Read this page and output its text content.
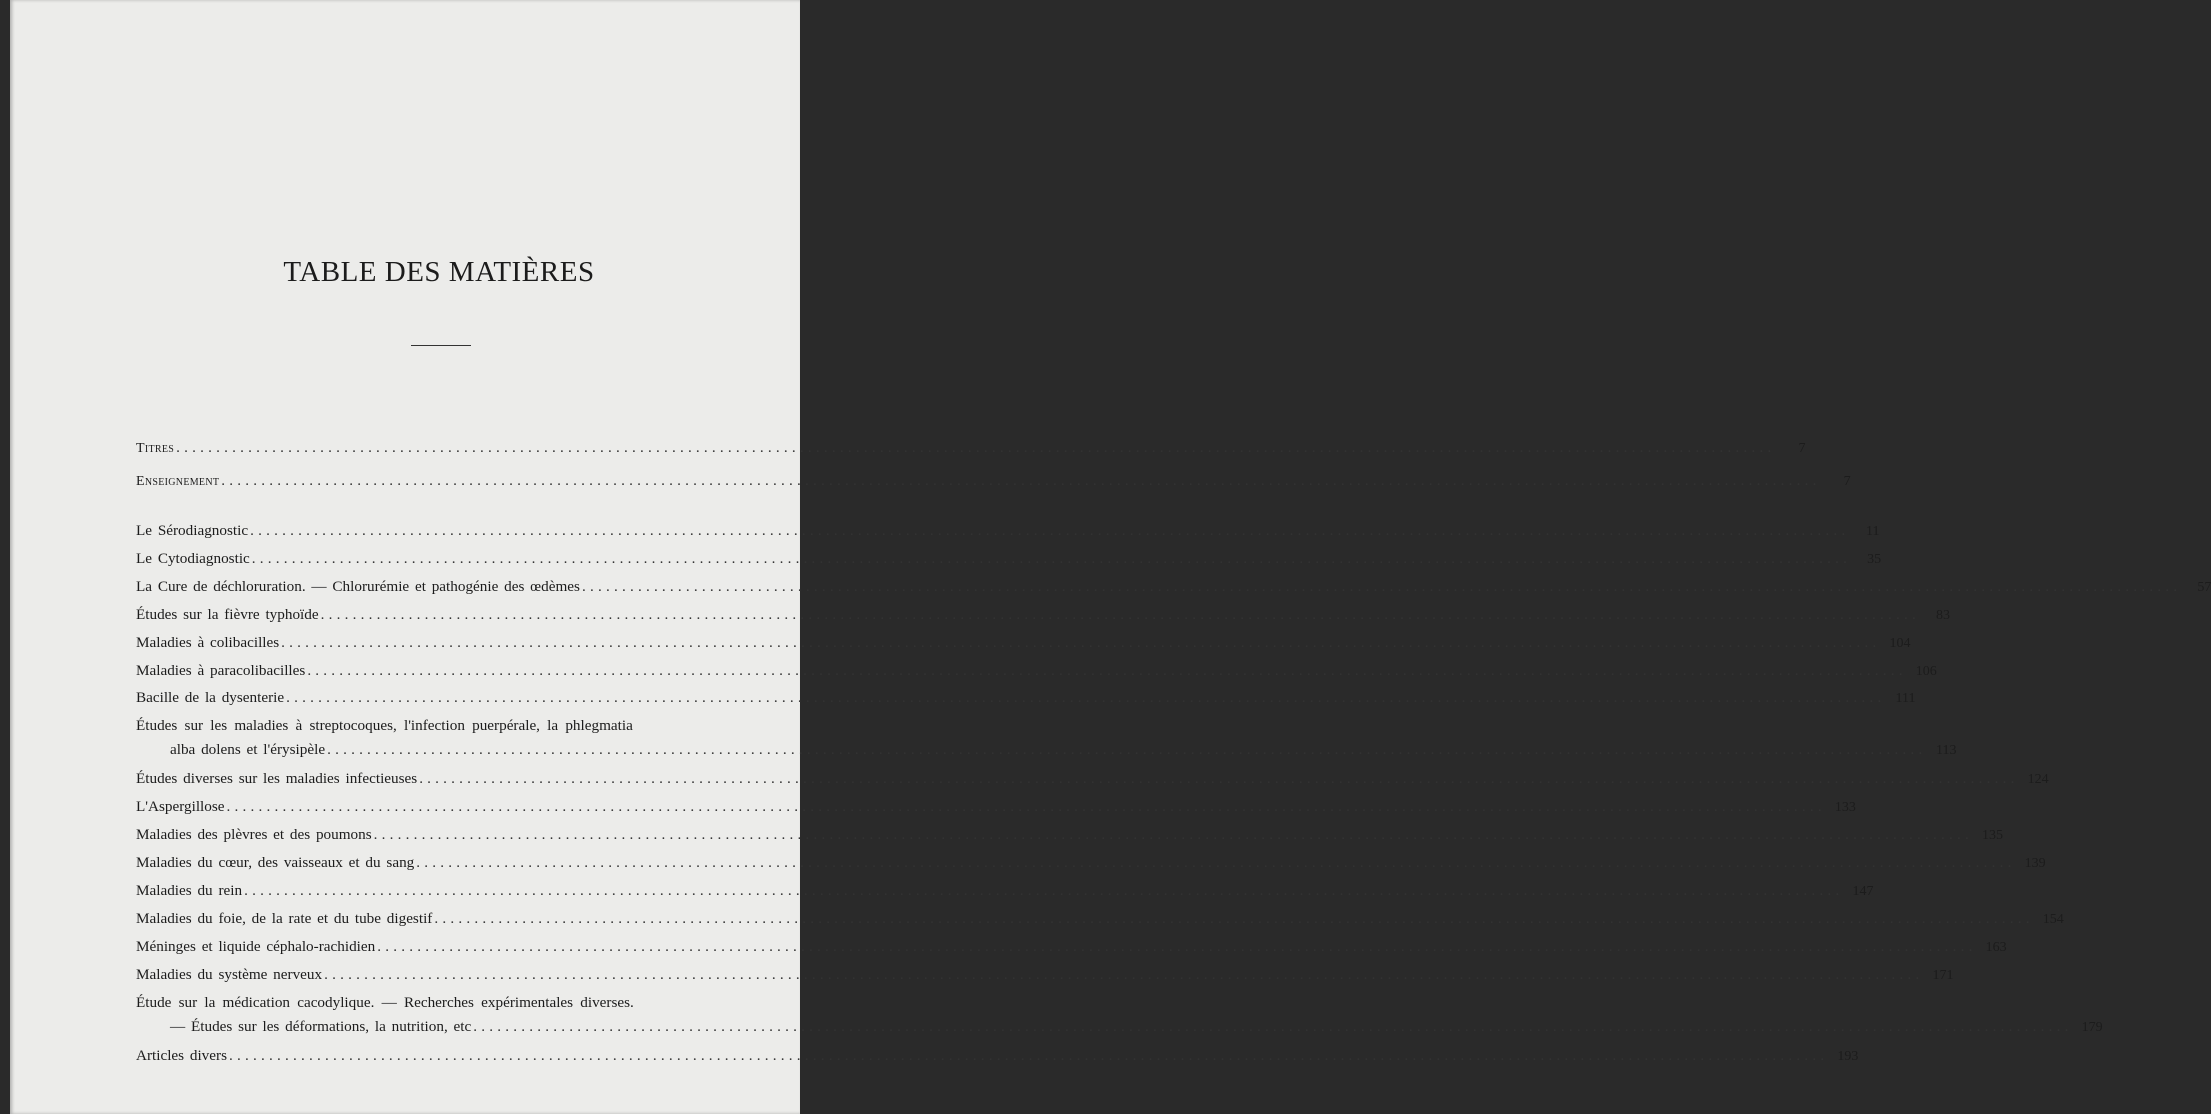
TABLE DES MATIÈRES
Titres ........................................................................................................................................................................................................	7
Enseignement ........................................................................................................................................................................................................	7
Le Sérodiagnostic ........................................................................................................................................................................................................	11
Le Cytodiagnostic ........................................................................................................................................................................................................	35
La Cure de déchloruration. — Chlorurémie et pathogénie des œdèmes ........................................................................................................................................................................................................	57
Études sur la fièvre typhoïde ........................................................................................................................................................................................................	83
Maladies à colibacilles ........................................................................................................................................................................................................ 104
Maladies à paracolibacilles ........................................................................................................................................................................................................ 106
Bacille de la dysenterie ........................................................................................................................................................................................................ 111
Études sur les maladies à streptocoques, l'infection puerpérale, la phlegmatia
alba dolens et l'érysipèle ........................................................................................................................................................................................................ 113
Études diverses sur les maladies infectieuses ........................................................................................................................................................................................................ 124
L'Aspergillose ........................................................................................................................................................................................................ 133
Maladies des plèvres et des poumons ........................................................................................................................................................................................................ 135
Maladies du cœur, des vaisseaux et du sang ........................................................................................................................................................................................................ 139
Maladies du rein ........................................................................................................................................................................................................ 147
Maladies du foie, de la rate et du tube digestif ........................................................................................................................................................................................................ 154
Méninges et liquide céphalo-rachidien ........................................................................................................................................................................................................ 163
Maladies du système nerveux ........................................................................................................................................................................................................ 171
Étude sur la médication cacodylique. — Recherches expérimentales diverses.
— Études sur les déformations, la nutrition, etc ........................................................................................................................................................................................................ 179
Articles divers ........................................................................................................................................................................................................ 193
